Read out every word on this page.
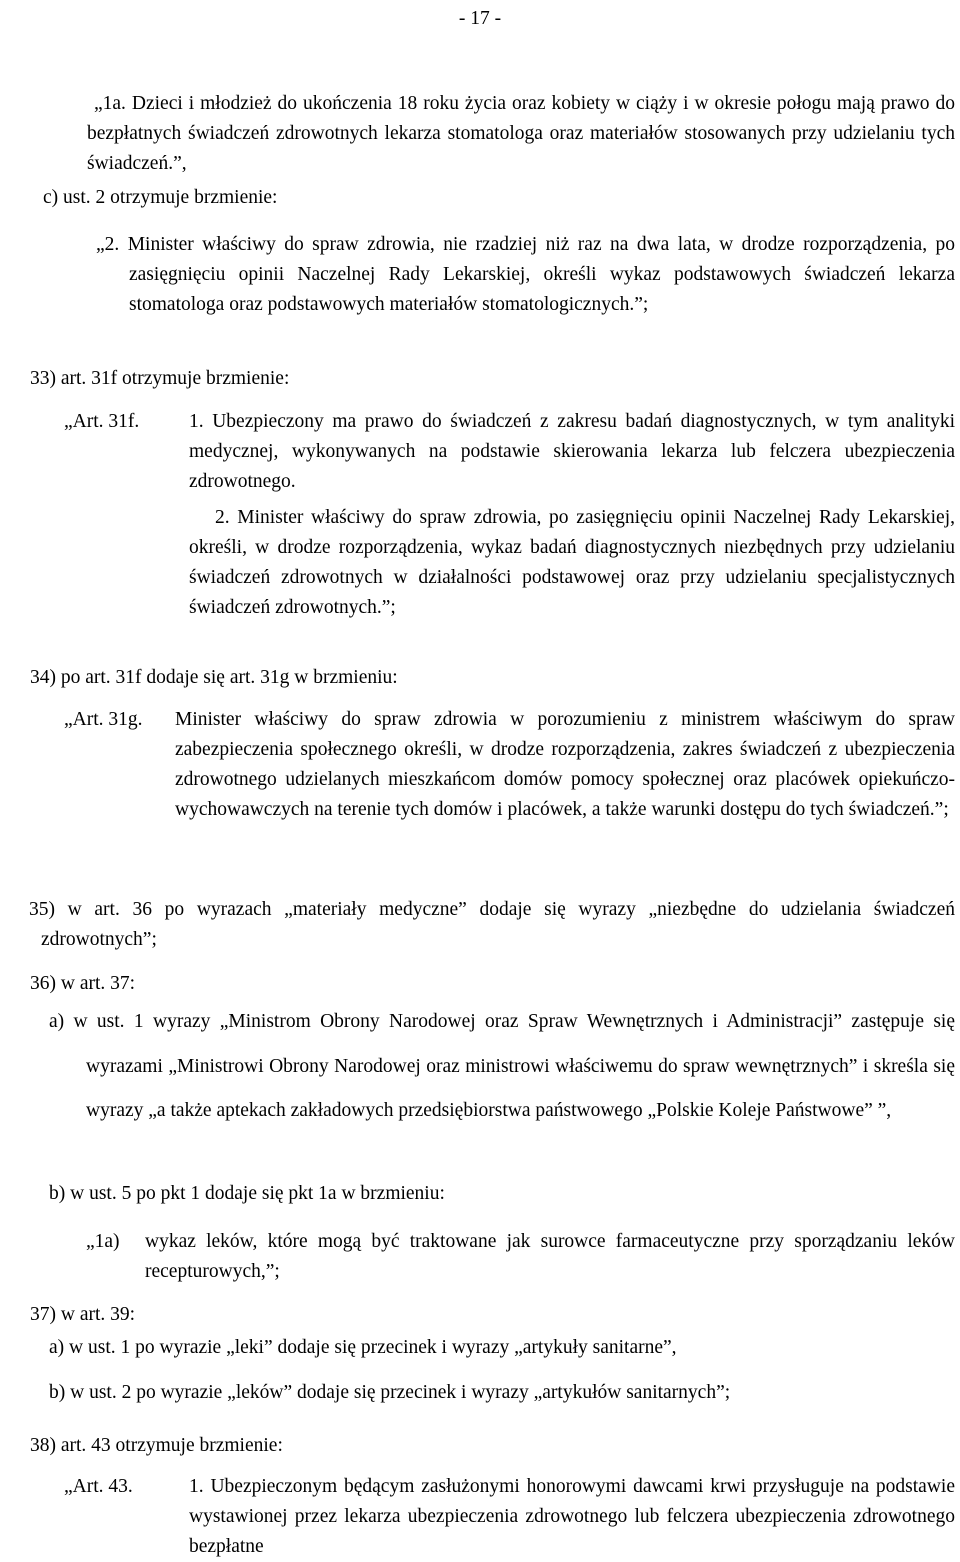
- 17 -
„1a. Dzieci i młodzież do ukończenia 18 roku życia oraz kobiety w ciąży i w okresie połogu mają prawo do bezpłatnych świadczeń zdrowotnych lekarza stomatologa oraz materiałów stosowanych przy udzielaniu tych świadczeń.”,
c) ust. 2 otrzymuje brzmienie:
„2. Minister właściwy do spraw zdrowia, nie rzadziej niż raz na dwa lata, w drodze rozporządzenia, po zasięgnięciu opinii Naczelnej Rady Lekarskiej, określi wykaz podstawowych świadczeń lekarza stomatologa oraz podstawowych materiałów stomatologicznych.”;
33) art. 31f otrzymuje brzmienie:
„Art. 31f.	1. Ubezpieczony ma prawo do świadczeń z zakresu badań diagnostycznych, w tym analityki medycznej, wykonywanych na podstawie skierowania lekarza lub felczera ubezpieczenia zdrowotnego.
2. Minister właściwy do spraw zdrowia, po zasięgnięciu opinii Naczelnej Rady Lekarskiej, określi, w drodze rozporządzenia, wykaz badań diagnostycznych niezbędnych przy udzielaniu świadczeń zdrowotnych w działalności podstawowej oraz przy udzielaniu specjalistycznych świadczeń zdrowotnych.”;
34) po art. 31f dodaje się art. 31g w brzmieniu:
„Art. 31g.	Minister właściwy do spraw zdrowia w porozumieniu z ministrem właściwym do spraw zabezpieczenia społecznego określi, w drodze rozporządzenia, zakres świadczeń z ubezpieczenia zdrowotnego udzielanych mieszkańcom domów pomocy społecznej oraz placówek opiekuńczo-wychowawczych na terenie tych domów i placówek, a także warunki dostępu do tych świadczeń.”;
35) w art. 36 po wyrazach „materiały medyczne” dodaje się wyrazy „niezbędne do udzielania świadczeń zdrowotnych”;
36) w art. 37:
a) w ust. 1 wyrazy „Ministrom Obrony Narodowej oraz Spraw Wewnętrznych i Administracji” zastępuje się wyrazami „Ministrowi Obrony Narodowej oraz ministrowi właściwemu do spraw wewnętrznych” i skreśla się wyrazy „a także aptekach zakładowych przedsiębiorstwa państwowego „Polskie Koleje Państwowe” ”,
b) w ust. 5 po pkt 1 dodaje się pkt 1a w brzmieniu:
„1a)	wykaz leków, które mogą być traktowane jak surowce farmaceutyczne przy sporządzaniu leków recepturowych,”;
37) w art. 39:
a) w ust. 1 po wyrazie „leki” dodaje się przecinek i wyrazy „artykuły sanitarne”,
b) w ust. 2 po wyrazie „leków” dodaje się przecinek i wyrazy „artykułów sanitarnych”;
38) art. 43 otrzymuje brzmienie:
„Art. 43.	1. Ubezpieczonym będącym zasłużonymi honorowymi dawcami krwi przysługuje na podstawie wystawionej przez lekarza ubezpieczenia zdrowotnego lub felczera ubezpieczenia zdrowotnego bezpłatne
